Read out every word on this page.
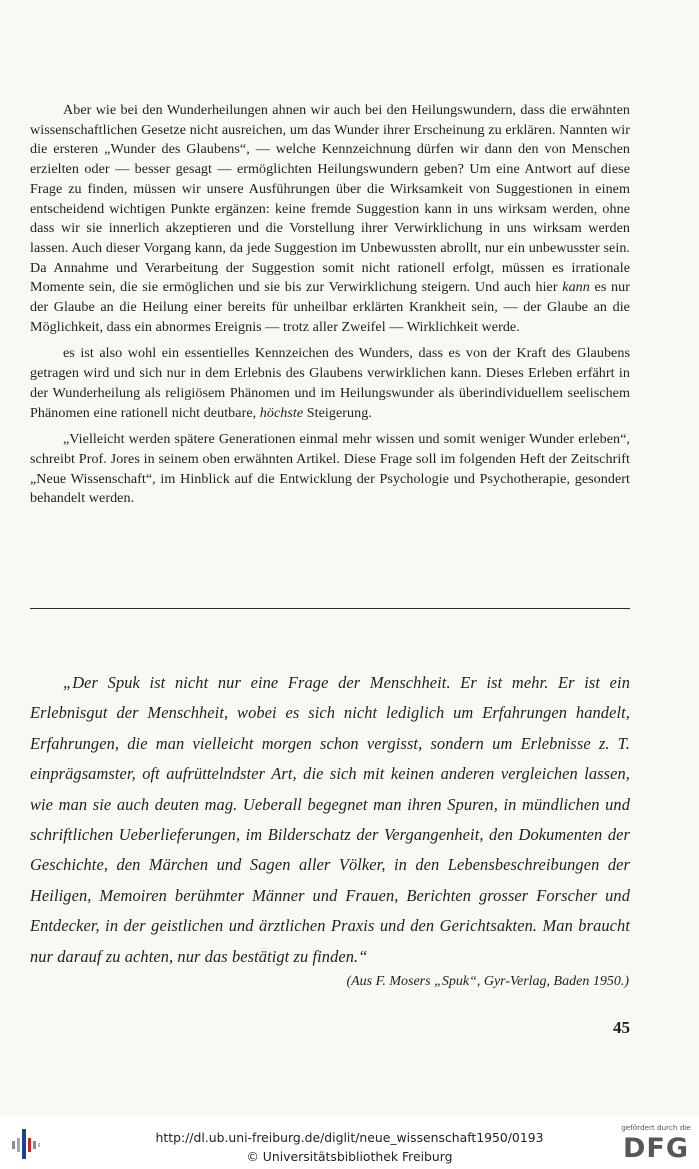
Aber wie bei den Wunderheilungen ahnen wir auch bei den Heilungswundern, dass die erwähnten wissenschaftlichen Gesetze nicht ausreichen, um das Wunder ihrer Erscheinung zu erklären. Nannten wir die ersteren „Wunder des Glaubens“, — welche Kennzeichnung dürfen wir dann den von Menschen erzielten oder — besser gesagt — ermöglichten Heilungswundern geben? Um eine Antwort auf diese Frage zu finden, müssen wir unsere Ausführungen über die Wirksamkeit von Suggestionen in einem entscheidend wichtigen Punkte ergänzen: keine fremde Suggestion kann in uns wirksam werden, ohne dass wir sie innerlich akzeptieren und die Vorstellung ihrer Verwirklichung in uns wirksam werden lassen. Auch dieser Vorgang kann, da jede Suggestion im Unbewussten abrollt, nur ein unbewusster sein. Da Annahme und Verarbeitung der Suggestion somit nicht rationell erfolgt, müssen es irrationale Momente sein, die sie ermöglichen und sie bis zur Verwirklichung steigern. Und auch hier kann es nur der Glaube an die Heilung einer bereits für unheilbar erklärten Krankheit sein, — der Glaube an die Möglichkeit, dass ein abnormes Ereignis — trotz aller Zweifel — Wirklichkeit werde.

es ist also wohl ein essentielles Kennzeichen des Wunders, dass es von der Kraft des Glaubens getragen wird und sich nur in dem Erlebnis des Glaubens verwirklichen kann. Dieses Erleben erfährt in der Wunderheilung als religiösem Phänomen und im Heilungswunder als überindividuellem seelischem Phänomen eine rationell nicht deutbare, höchste Steigerung.

„Vielleicht werden spätere Generationen einmal mehr wissen und somit weniger Wunder erleben“, schreibt Prof. Jores in seinem oben erwähnten Artikel. Diese Frage soll im folgenden Heft der Zeitschrift „Neue Wissenschaft“, im Hinblick auf die Entwicklung der Psychologie und Psychotherapie, gesondert behandelt werden.

„Der Spuk ist nicht nur eine Frage der Menschheit. Er ist mehr. Er ist ein Erlebnisgut der Menschheit, wobei es sich nicht lediglich um Erfahrungen handelt, Erfahrungen, die man vielleicht morgen schon vergisst, sondern um Erlebnisse z. T. einprägsamster, oft aufrüttelndster Art, die sich mit keinen anderen vergleichen lassen, wie man sie auch deuten mag. Ueberall begegnet man ihren Spuren, in mündlichen und schriftlichen Ueberlieferungen, im Bilderschatz der Vergangenheit, den Dokumenten der Geschichte, den Märchen und Sagen aller Völker, in den Lebensbeschreibungen der Heiligen, Memoiren berühmter Männer und Frauen, Berichten grosser Forscher und Entdecker, in der geistlichen und ärztlichen Praxis und den Gerichtsakten. Man braucht nur darauf zu achten, nur das bestätigt zu finden.“

(Aus F. Mosers „Spuk“, Gyr-Verlag, Baden 1950.)
45
http://dl.ub.uni-freiburg.de/diglit/neue_wissenschaft1950/0193
© Universitätsbibliothek Freiburg
gefördert durch die
DFG
